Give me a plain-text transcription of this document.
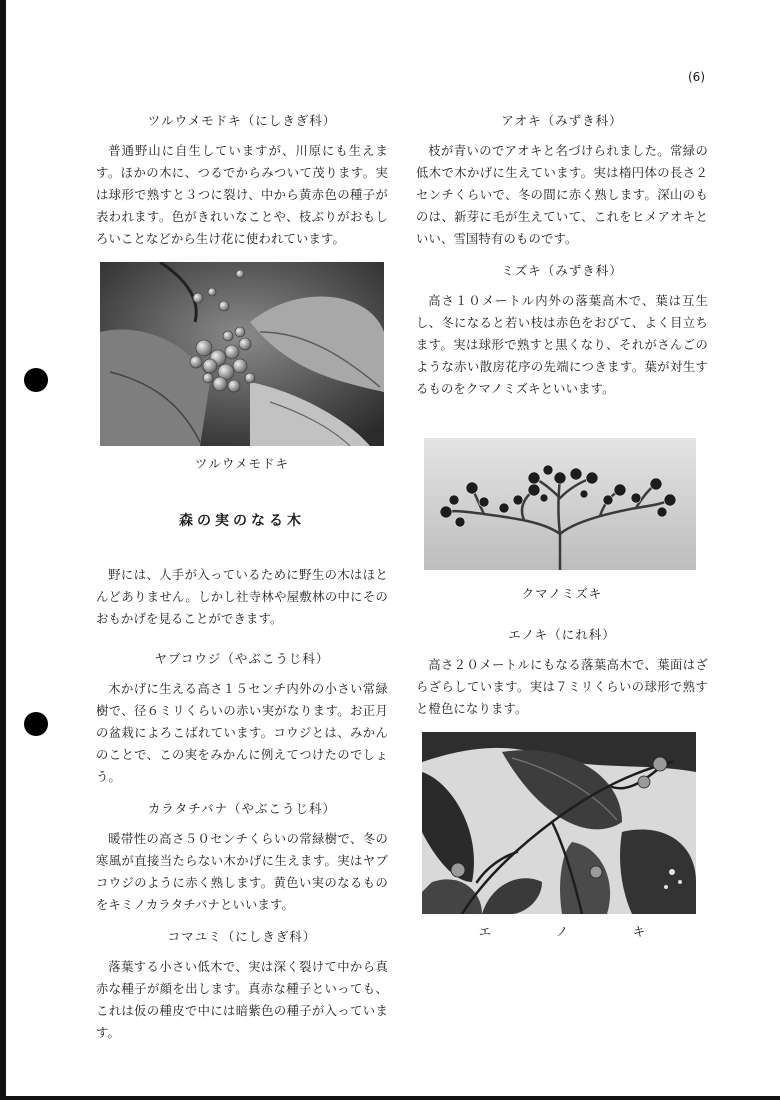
(6)
ツルウメモドキ（にしきぎ科）

普通野山に自生していますが、川原にも生えます。ほかの木に、つるでからみついて茂ります。実は球形で熟すと３つに裂け、中から黄赤色の種子が表われます。色がきれいなことや、枝ぶりがおもしろいことなどから生け花に使われています。

ツルウメモドキ
森の実のなる木

野には、人手が入っているために野生の木はほとんどありません。しかし社寺林や屋敷林の中にそのおもかげを見ることができます。

ヤブコウジ（やぶこうじ科）

木かげに生える高さ１５センチ内外の小さい常緑樹で、径６ミリくらいの赤い実がなります。お正月の盆栽によろこばれています。コウジとは、みかんのことで、この実をみかんに例えてつけたのでしょう。

カラタチバナ（やぶこうじ科）

暖帯性の高さ５０センチくらいの常緑樹で、冬の寒風が直接当たらない木かげに生えます。実はヤブコウジのように赤く熟します。黄色い実のなるものをキミノカラタチバナといいます。

コマユミ（にしきぎ科）

落葉する小さい低木で、実は深く裂けて中から真赤な種子が顔を出します。真赤な種子といっても、これは仮の種皮で中には暗紫色の種子が入っています。

アオキ（みずき科）

枝が青いのでアオキと名づけられました。常緑の低木で木かげに生えています。実は楕円体の長さ２センチくらいで、冬の間に赤く熟します。深山のものは、新芽に毛が生えていて、これをヒメアオキといい、雪国特有のものです。

ミズキ（みずき科）

高さ１０メートル内外の落葉高木で、葉は互生し、冬になると若い枝は赤色をおびて、よく目立ちます。実は球形で熟すと黒くなり、それがさんごのような赤い散房花序の先端につきます。葉が対生するものをクマノミズキといいます。

クマノミズキ
エノキ（にれ科）

高さ２０メートルにもなる落葉高木で、葉面はざらざらしています。実は７ミリくらいの球形で熟すと橙色になります。

エ　ノ　キ
